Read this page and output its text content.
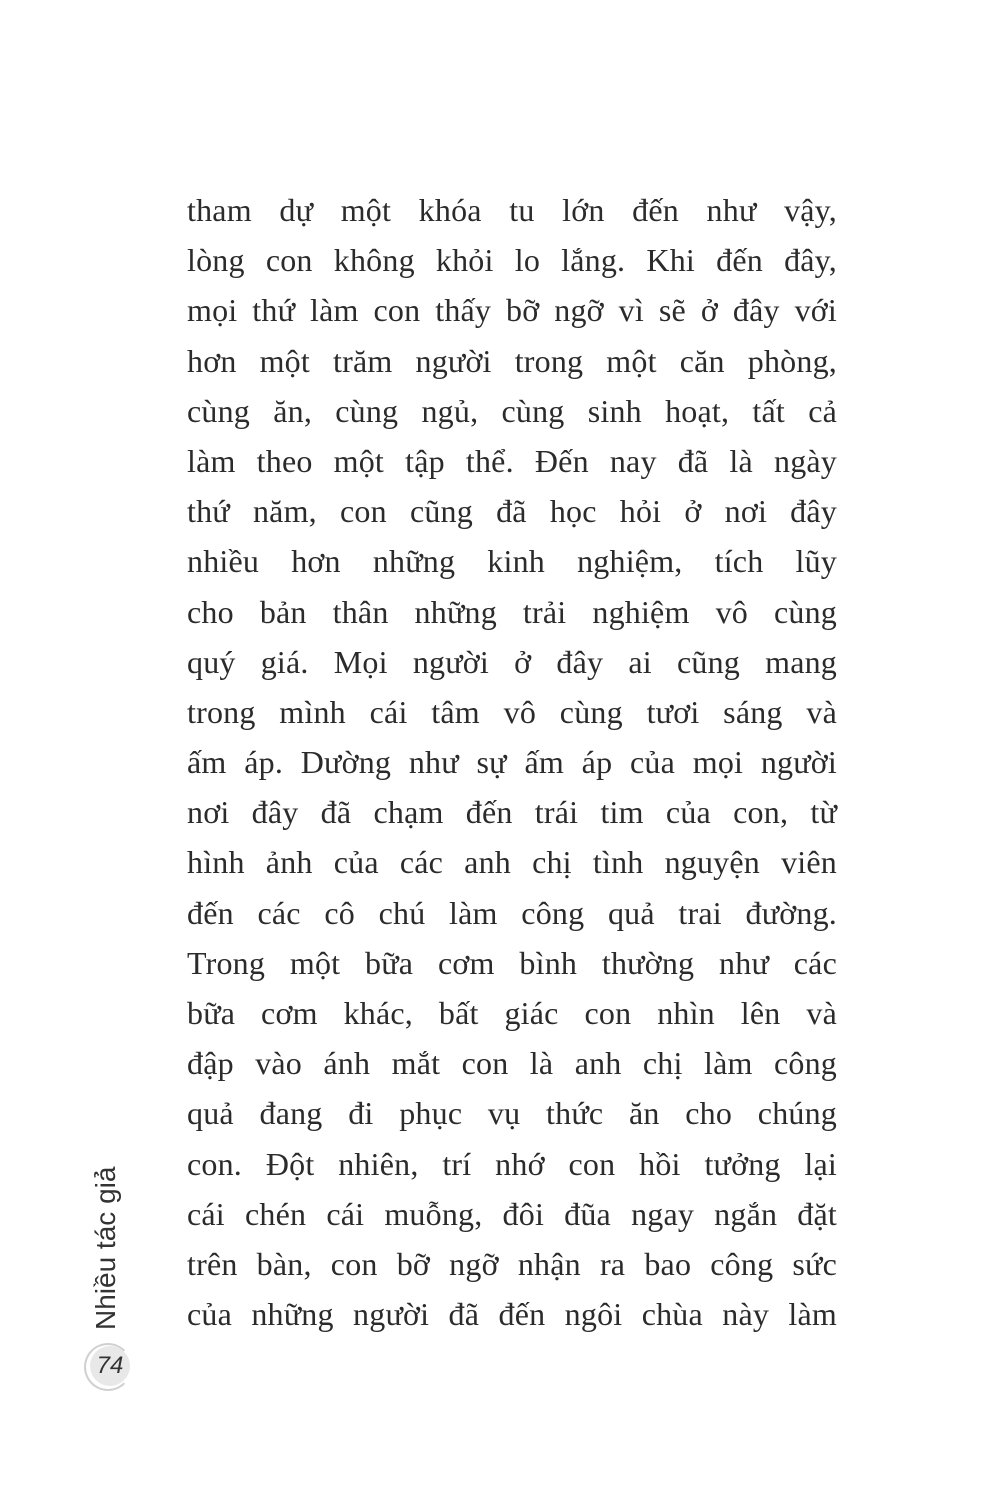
tham dự một khóa tu lớn đến như vậy,
lòng con không khỏi lo lắng. Khi đến đây,
mọi thứ làm con thấy bỡ ngỡ vì sẽ ở đây với
hơn một trăm người trong một căn phòng,
cùng ăn, cùng ngủ, cùng sinh hoạt, tất cả
làm theo một tập thể. Đến nay đã là ngày
thứ năm, con cũng đã học hỏi ở nơi đây
nhiều hơn những kinh nghiệm, tích lũy
cho bản thân những trải nghiệm vô cùng
quý giá. Mọi người ở đây ai cũng mang
trong mình cái tâm vô cùng tươi sáng và
ấm áp. Dường như sự ấm áp của mọi người
nơi đây đã chạm đến trái tim của con, từ
hình ảnh của các anh chị tình nguyện viên
đến các cô chú làm công quả trai đường.
Trong một bữa cơm bình thường như các
bữa cơm khác, bất giác con nhìn lên và
đập vào ánh mắt con là anh chị làm công
quả đang đi phục vụ thức ăn cho chúng
con. Đột nhiên, trí nhớ con hồi tưởng lại
cái chén cái muỗng, đôi đũa ngay ngắn đặt
trên bàn, con bỡ ngỡ nhận ra bao công sức
của những người đã đến ngôi chùa này làm
Nhiều tác giả
74
